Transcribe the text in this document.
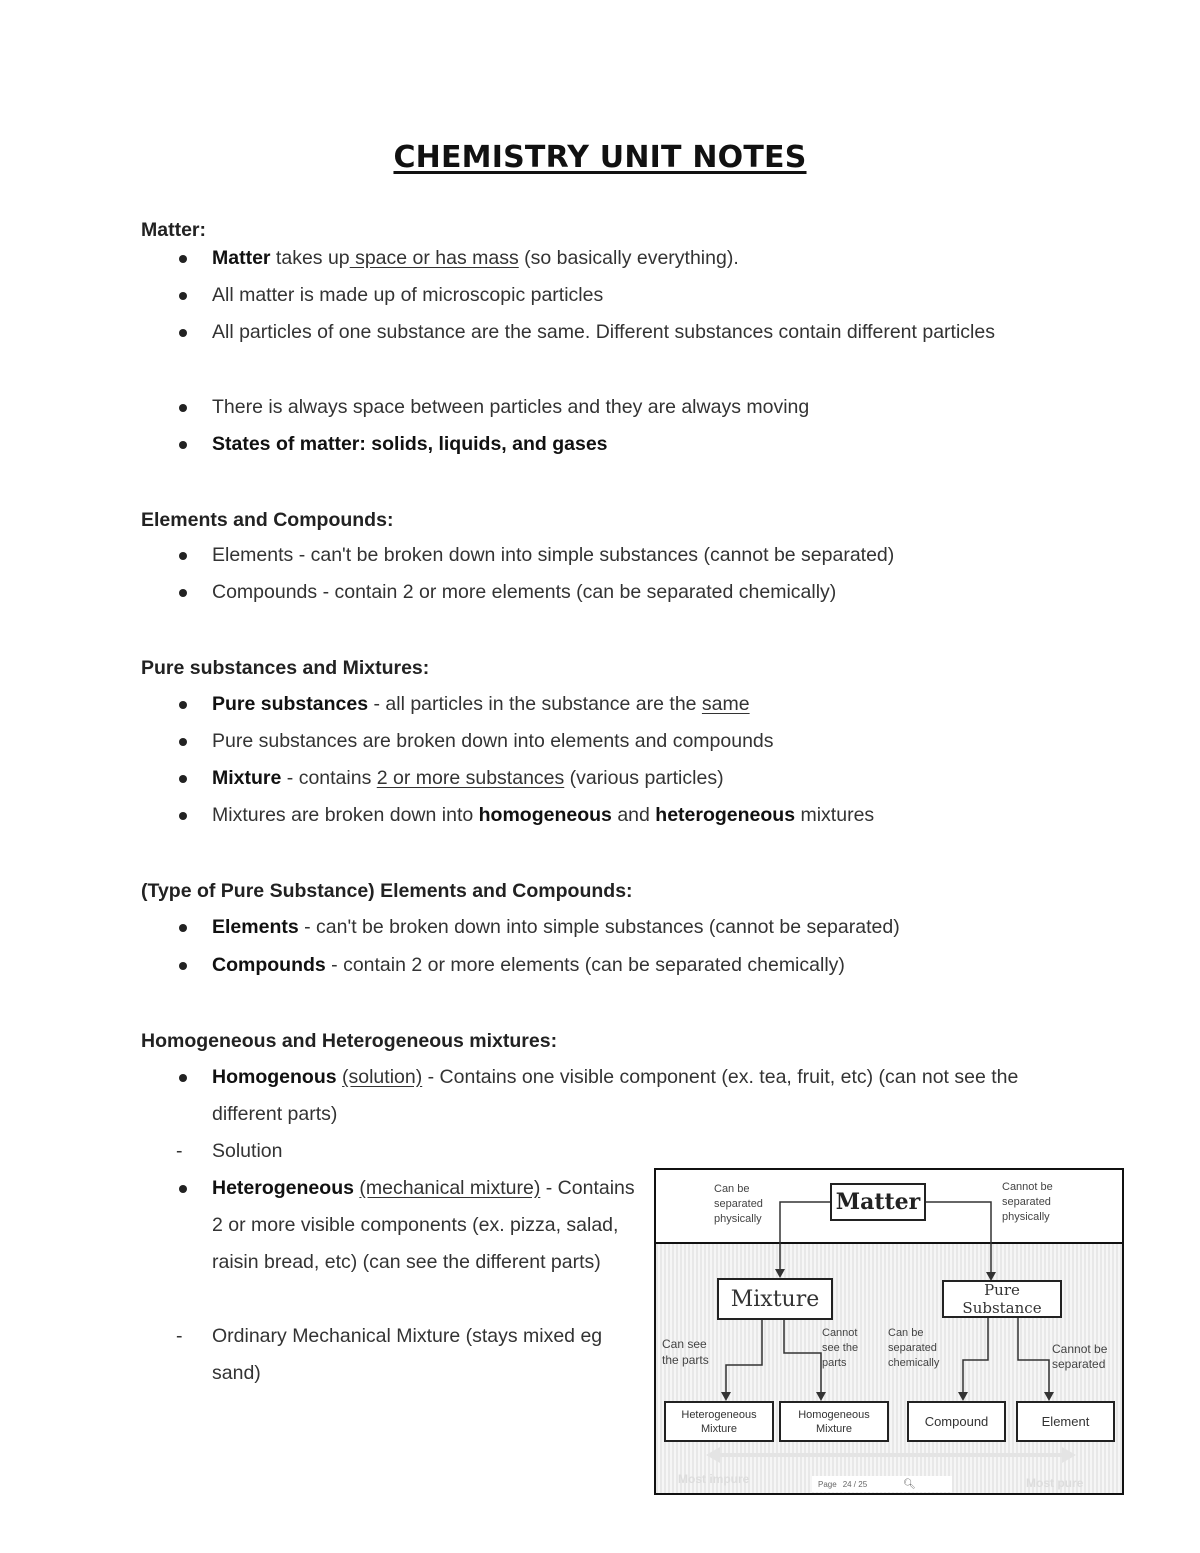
CHEMISTRY UNIT NOTES
Matter:
Matter takes up space or has mass (so basically everything).
All matter is made up of microscopic particles
All particles of one substance are the same. Different substances contain different particles
There is always space between particles and they are always moving
States of matter: solids, liquids, and gases
Elements and Compounds:
Elements - can't be broken down into simple substances (cannot be separated)
Compounds - contain 2 or more elements (can be separated chemically)
Pure substances and Mixtures:
Pure substances - all particles in the substance are the same
Pure substances are broken down into elements and compounds
Mixture - contains 2 or more substances (various particles)
Mixtures are broken down into homogeneous and heterogeneous mixtures
(Type of Pure Substance) Elements and Compounds:
Elements - can't be broken down into simple substances (cannot be separated)
Compounds - contain 2 or more elements (can be separated chemically)
Homogeneous and Heterogeneous mixtures:
Homogenous (solution) - Contains one visible component (ex. tea, fruit, etc) (can not see the different parts)
- Solution
Heterogeneous (mechanical mixture) - Contains 2 or more visible components (ex. pizza, salad, raisin bread, etc) (can see the different parts)
- Ordinary Mechanical Mixture (stays mixed eg sand)
Matter
Can be separated physically
Cannot be separated physically
Mixture	Pure Substance
Can see the parts
Cannot see the parts
Can be separated chemically
Cannot be separated
Heterogeneous Mixture
Homogeneous Mixture	Compound	Element
Most impure	Most pure
Page 24 / 25	🔍︎
